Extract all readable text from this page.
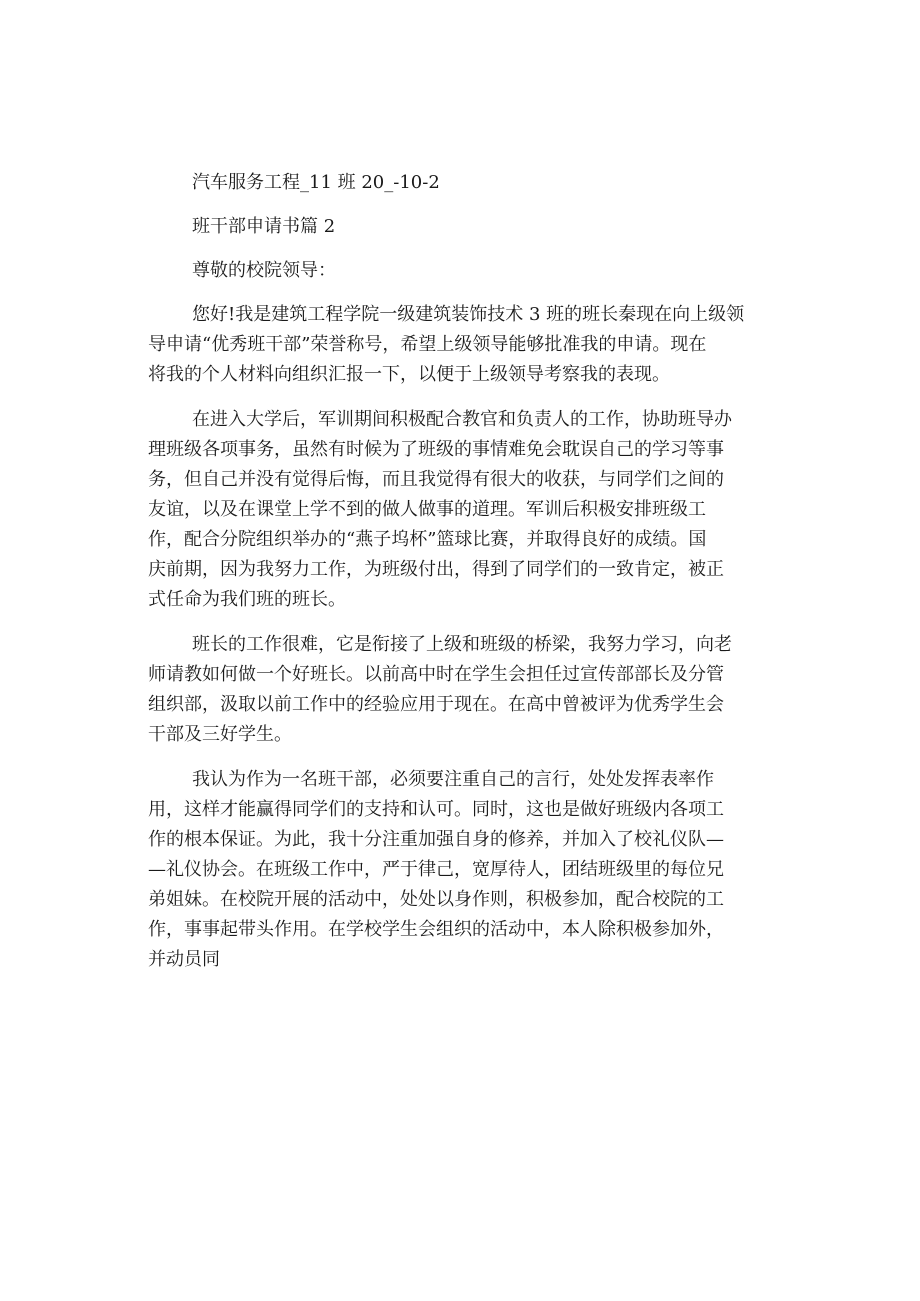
汽车服务工程_11 班 20_-10-2

班干部申请书篇 2

尊敬的校院领导：

您好!我是建筑工程学院一级建筑装饰技术 3 班的班长秦现在向上级领
导申请“优秀班干部”荣誉称号，希望上级领导能够批准我的申请。现在
将我的个人材料向组织汇报一下，以便于上级领导考察我的表现。
在进入大学后，军训期间积极配合教官和负责人的工作，协助班导办
理班级各项事务，虽然有时候为了班级的事情难免会耽误自己的学习等事
务，但自己并没有觉得后悔，而且我觉得有很大的收获，与同学们之间的
友谊，以及在课堂上学不到的做人做事的道理。军训后积极安排班级工
作，配合分院组织举办的“燕子坞杯”篮球比赛，并取得良好的成绩。国
庆前期，因为我努力工作，为班级付出，得到了同学们的一致肯定，被正
式任命为我们班的班长。
班长的工作很难，它是衔接了上级和班级的桥梁，我努力学习，向老
师请教如何做一个好班长。以前高中时在学生会担任过宣传部部长及分管
组织部，汲取以前工作中的经验应用于现在。在高中曾被评为优秀学生会
干部及三好学生。
我认为作为一名班干部，必须要注重自己的言行，处处发挥表率作
用，这样才能赢得同学们的支持和认可。同时，这也是做好班级内各项工
作的根本保证。为此，我十分注重加强自身的修养，并加入了校礼仪队—
—礼仪协会。在班级工作中，严于律己，宽厚待人，团结班级里的每位兄
弟姐妹。在校院开展的活动中，处处以身作则，积极参加，配合校院的工
作，事事起带头作用。在学校学生会组织的活动中，本人除积极参加外，
并动员同
